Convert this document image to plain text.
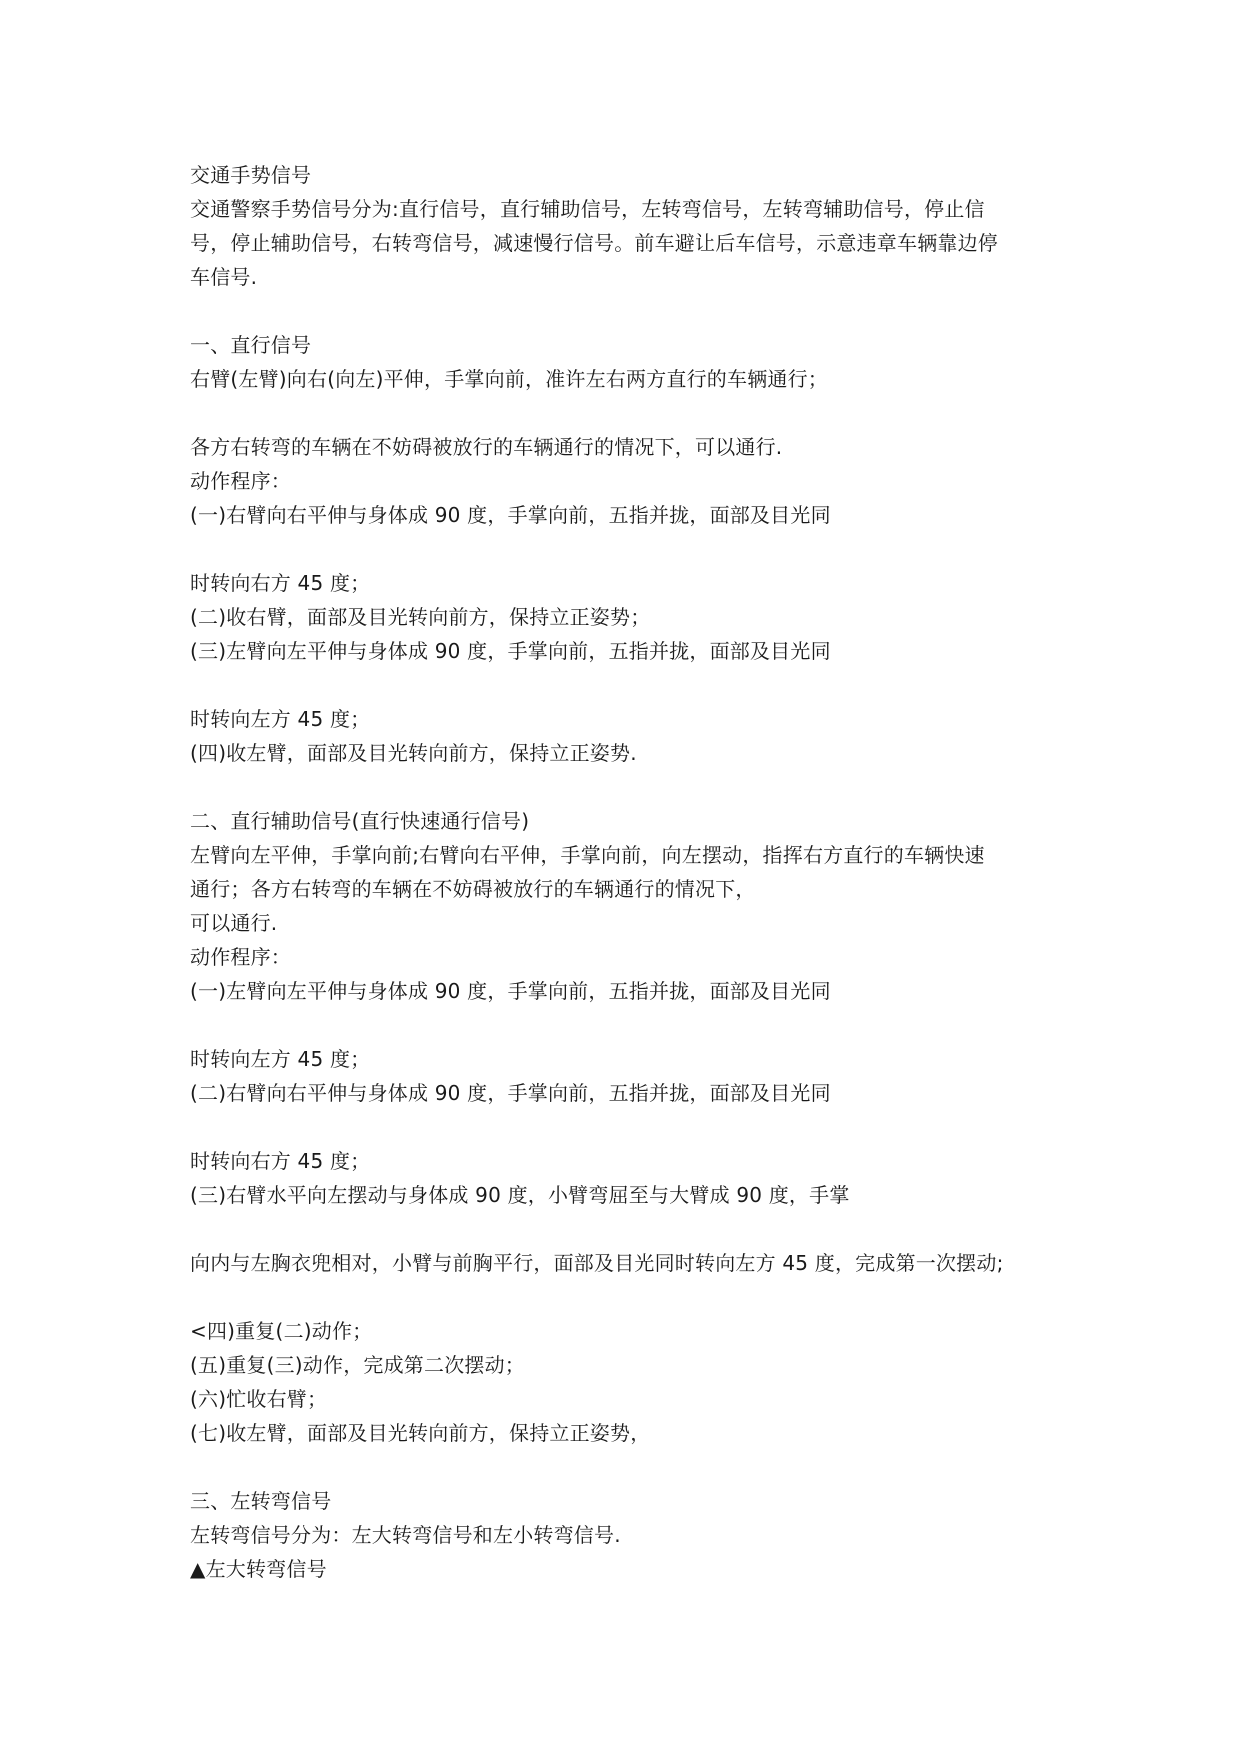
交通手势信号
交通警察手势信号分为:直行信号，直行辅助信号，左转弯信号，左转弯辅助信号，停止信
号，停止辅助信号，右转弯信号，减速慢行信号。前车避让后车信号，示意违章车辆靠边停
车信号.
一、直行信号
右臂(左臂)向右(向左)平伸，手掌向前，准许左右两方直行的车辆通行；
各方右转弯的车辆在不妨碍被放行的车辆通行的情况下，可以通行.
动作程序：
(一)右臂向右平伸与身体成 90 度，手掌向前，五指并拢，面部及目光同
时转向右方 45 度；
(二)收右臂，面部及目光转向前方，保持立正姿势；
(三)左臂向左平伸与身体成 90 度，手掌向前，五指并拢，面部及目光同
时转向左方 45 度；
(四)收左臂，面部及目光转向前方，保持立正姿势.
二、直行辅助信号(直行快速通行信号)
左臂向左平伸，手掌向前;右臂向右平伸，手掌向前，向左摆动，指挥右方直行的车辆快速
通行；各方右转弯的车辆在不妨碍被放行的车辆通行的情况下，
可以通行.
动作程序：
(一)左臂向左平伸与身体成 90 度，手掌向前，五指并拢，面部及目光同
时转向左方 45 度；
(二)右臂向右平伸与身体成 90 度，手掌向前，五指并拢，面部及目光同
时转向右方 45 度；
(三)右臂水平向左摆动与身体成 90 度，小臂弯屈至与大臂成 90 度，手掌
向内与左胸衣兜相对，小臂与前胸平行，面部及目光同时转向左方 45 度，完成第一次摆动;
<四)重复(二)动作；
(五)重复(三)动作，完成第二次摆动；
(六)忙收右臂；
(七)收左臂，面部及目光转向前方，保持立正姿势，
三、左转弯信号
左转弯信号分为：左大转弯信号和左小转弯信号.
▲左大转弯信号
